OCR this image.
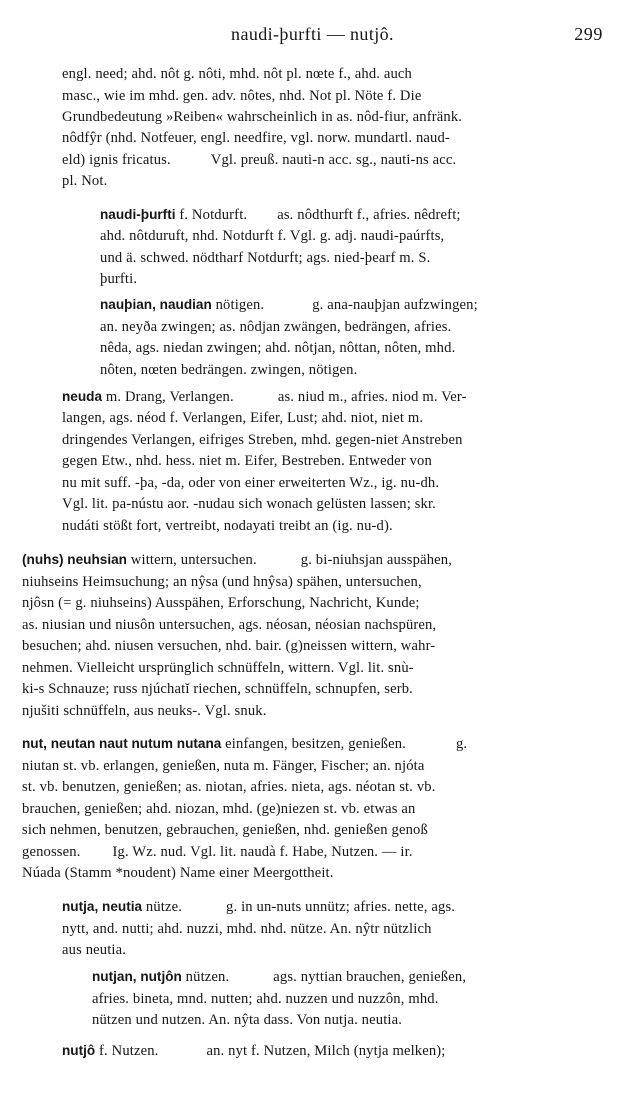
naudi-þurfti — nutjô.	299
engl. need; ahd. nôt g. nôti, mhd. nôt pl. nœte f., ahd. auch
masc., wie im mhd. gen. adv. nôtes, nhd. Not pl. Nöte f. Die
Grundbedeutung »Reiben« wahrscheinlich in as. nôd-fiur, anfränk.
nôdfŷr (nhd. Notfeuer, engl. needfire, vgl. norw. mundartl. naud-
eld) ignis fricatus.	Vgl. preuß. nauti-n acc. sg., nauti-ns acc.
pl. Not.
naudi-þurfti f. Notdurft. as. nôdthurft f., afries. nêdreft;
ahd. nôtduruft, nhd. Notdurft f. Vgl. g. adj. naudi-paúrfts,
und ä. schwed. nödtharf Notdurft; ags. nied-þearf m. S.
þurfti.
nauþian, naudian nötigen.	g. ana-nauþjan aufzwingen;
an. neyða zwingen; as. nôdjan zwängen, bedrängen, afries.
nêda, ags. niedan zwingen; ahd. nôtjan, nôttan, nôten, mhd.
nôten, nœten bedrängen. zwingen, nötigen.
neuda m. Drang, Verlangen.	as. niud m., afries. niod m. Ver-
langen, ags. néod f. Verlangen, Eifer, Lust; ahd. niot, niet m.
dringendes Verlangen, eifriges Streben, mhd. gegen-niet Anstreben
gegen Etw., nhd. hess. niet m. Eifer, Bestreben. Entweder von
nu mit suff. -þa, -da, oder von einer erweiterten Wz., ig. nu-dh.
Vgl. lit. pa-nústu aor. -nudau sich wonach gelüsten lassen; skr.
nudáti stößt fort, vertreibt, nodayati treibt an (ig. nu-d).
(nuhs) neuhsian wittern, untersuchen.	g. bi-niuhsjan ausspähen,
niuhseins Heimsuchung; an nŷsa (und hnŷsa) spähen, untersuchen,
njôsn (= g. niuhseins) Ausspähen, Erforschung, Nachricht, Kunde;
as. niusian und niusôn untersuchen, ags. néosan, néosian nachspüren,
besuchen; ahd. niusen versuchen, nhd. bair. (g)neissen wittern, wahr-
nehmen. Vielleicht ursprünglich schnüffeln, wittern. Vgl. lit. snù-
ki-s Schnauze; russ njúchatĭ riechen, schnüffeln, schnupfen, serb.
njušiti schnüffeln, aus neuks-. Vgl. snuk.
nut, neutan naut nutum nutana einfangen, besitzen, genießen.	g.
niutan st. vb. erlangen, genießen, nuta m. Fänger, Fischer; an. njóta
st. vb. benutzen, genießen; as. niotan, afries. nieta, ags. néotan st. vb.
brauchen, genießen; ahd. niozan, mhd. (ge)niezen st. vb. etwas an
sich nehmen, benutzen, gebrauchen, genießen, nhd. genießen genoß
genossen. Ig. Wz. nud. Vgl. lit. naudà f. Habe, Nutzen. — ir.
Núada (Stamm *noudent) Name einer Meergottheit.
nutja, neutia nütze.	g. in un-nuts unnütz; afries. nette, ags.
nytt, and. nutti; ahd. nuzzi, mhd. nhd. nütze. An. nŷtr nützlich
aus neutia.
nutjan, nutjôn nützen.	ags. nyttian brauchen, genießen,
afries. bineta, mnd. nutten; ahd. nuzzen und nuzzôn, mhd.
nützen und nutzen. An. nŷta dass. Von nutja. neutia.
nutjô f. Nutzen.	an. nyt f. Nutzen, Milch (nytja melken);
